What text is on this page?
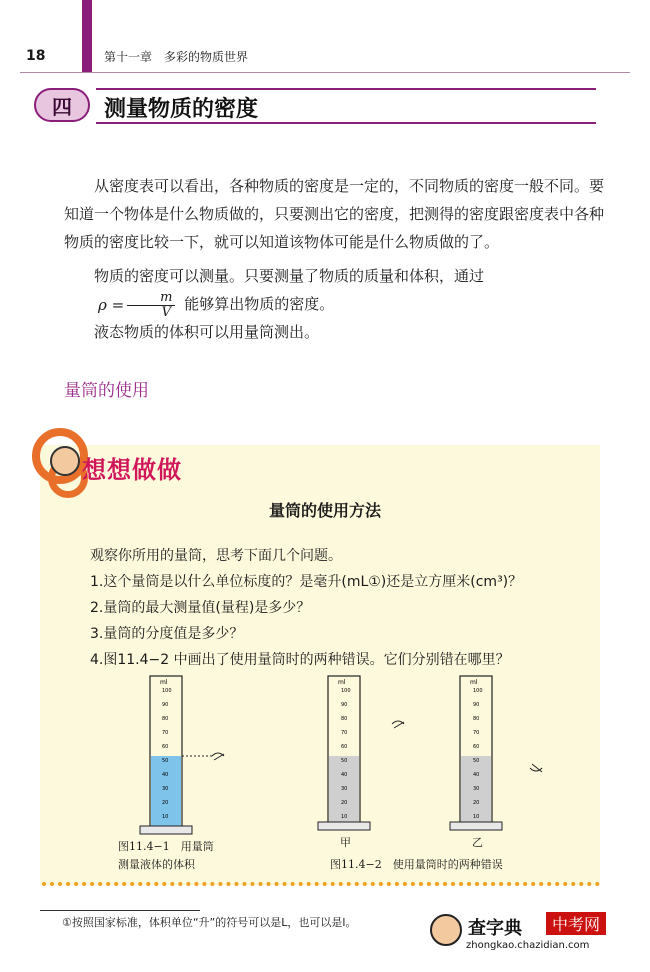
18	第十一章　多彩的物质世界
四	测量物质的密度
从密度表可以看出，各种物质的密度是一定的，不同物质的密度一般不同。要知道一个物体是什么物质做的，只要测出它的密度，把测得的密度跟密度表中各种物质的密度比较一下，就可以知道该物体可能是什么物质做的了。
物质的密度可以测量。只要测量了物质的质量和体积，通过
$\rho = \frac{m}{V}$ 能够算出物质的密度。
液态物质的体积可以用量筒测出。
量筒的使用
想想做做
量筒的使用方法
观察你所用的量筒，思考下面几个问题。
1.这个量筒是以什么单位标度的？是毫升(mL①)还是立方厘米(cm³)？
2.量筒的最大测量值(量程)是多少？
3.量筒的分度值是多少？
4.图11.4−2 中画出了使用量筒时的两种错误。它们分别错在哪里？
ml
100
90
80
70
60
50
40
30
20
10
ml
100
90
80
70
60
50
40
30
20
10
ml
100
90
80
70
60
50
40
30
20
10
图11.4−1　用量筒
测量液体的体积
甲	乙
图11.4−2　使用量筒时的两种错误
①按照国家标准，体积单位“升”的符号可以是L，也可以是l。	查字典	中考网
zhongkao.chazidian.com
